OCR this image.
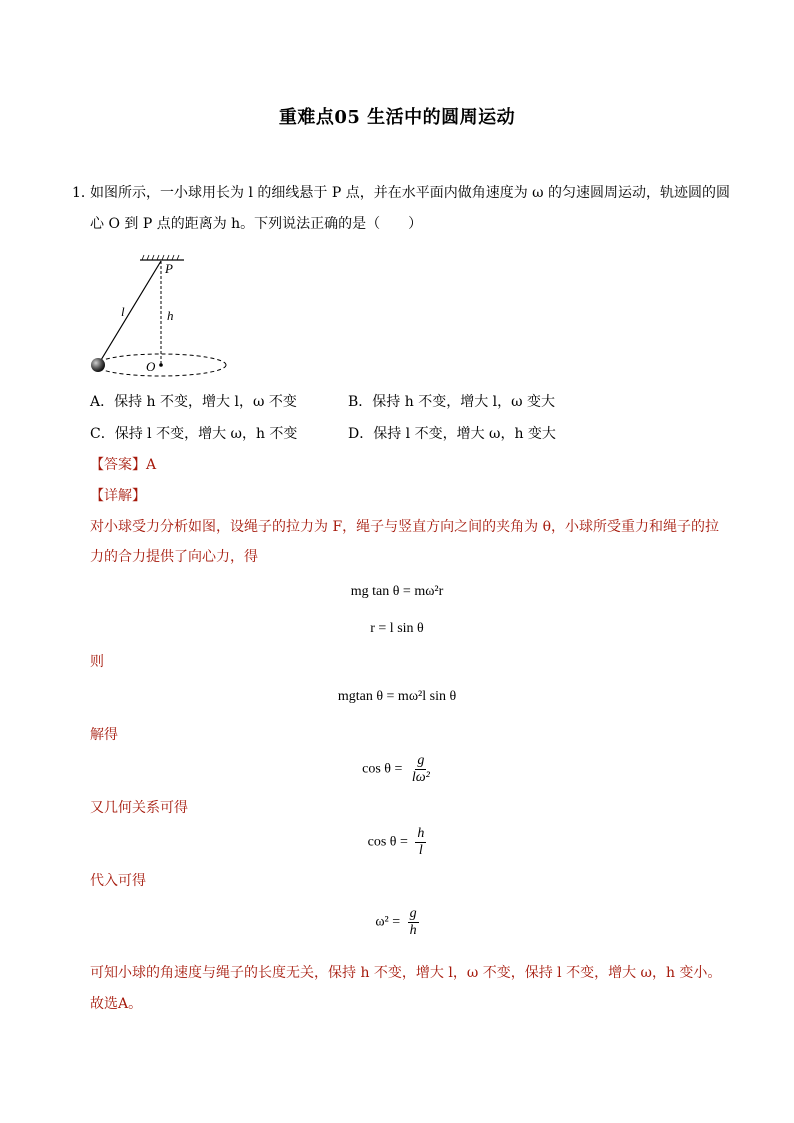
重难点05 生活中的圆周运动
1．
如图所示，一小球用长为 l 的细线悬于 P 点，并在水平面内做角速度为 ω 的匀速圆周运动，轨迹圆的圆
心 O 到 P 点的距离为 h。下列说法正确的是（　　）
P
l	h
O
A．保持 h 不变，增大 l，ω 不变	B．保持 h 不变，增大 l，ω 变大
C．保持 l 不变，增大 ω，h 不变	D．保持 l 不变，增大 ω，h 变大
【答案】A
【详解】
对小球受力分析如图，设绳子的拉力为 F，绳子与竖直方向之间的夹角为 θ，小球所受重力和绳子的拉
力的合力提供了向心力，得
mg tan θ = mω²r
r = l sin θ
则
mgtan θ = mω²l sin θ
解得
$\cos \theta = \frac{g}{\text{lω²}}$
又几何关系可得
$\cos \theta = \frac{h}{l}$
代入可得
$\omega^2 = \frac{g}{h}$
可知小球的角速度与绳子的长度无关，保持 h 不变，增大 l，ω 不变，保持 l 不变，增大 ω，h 变小。
故选A。
